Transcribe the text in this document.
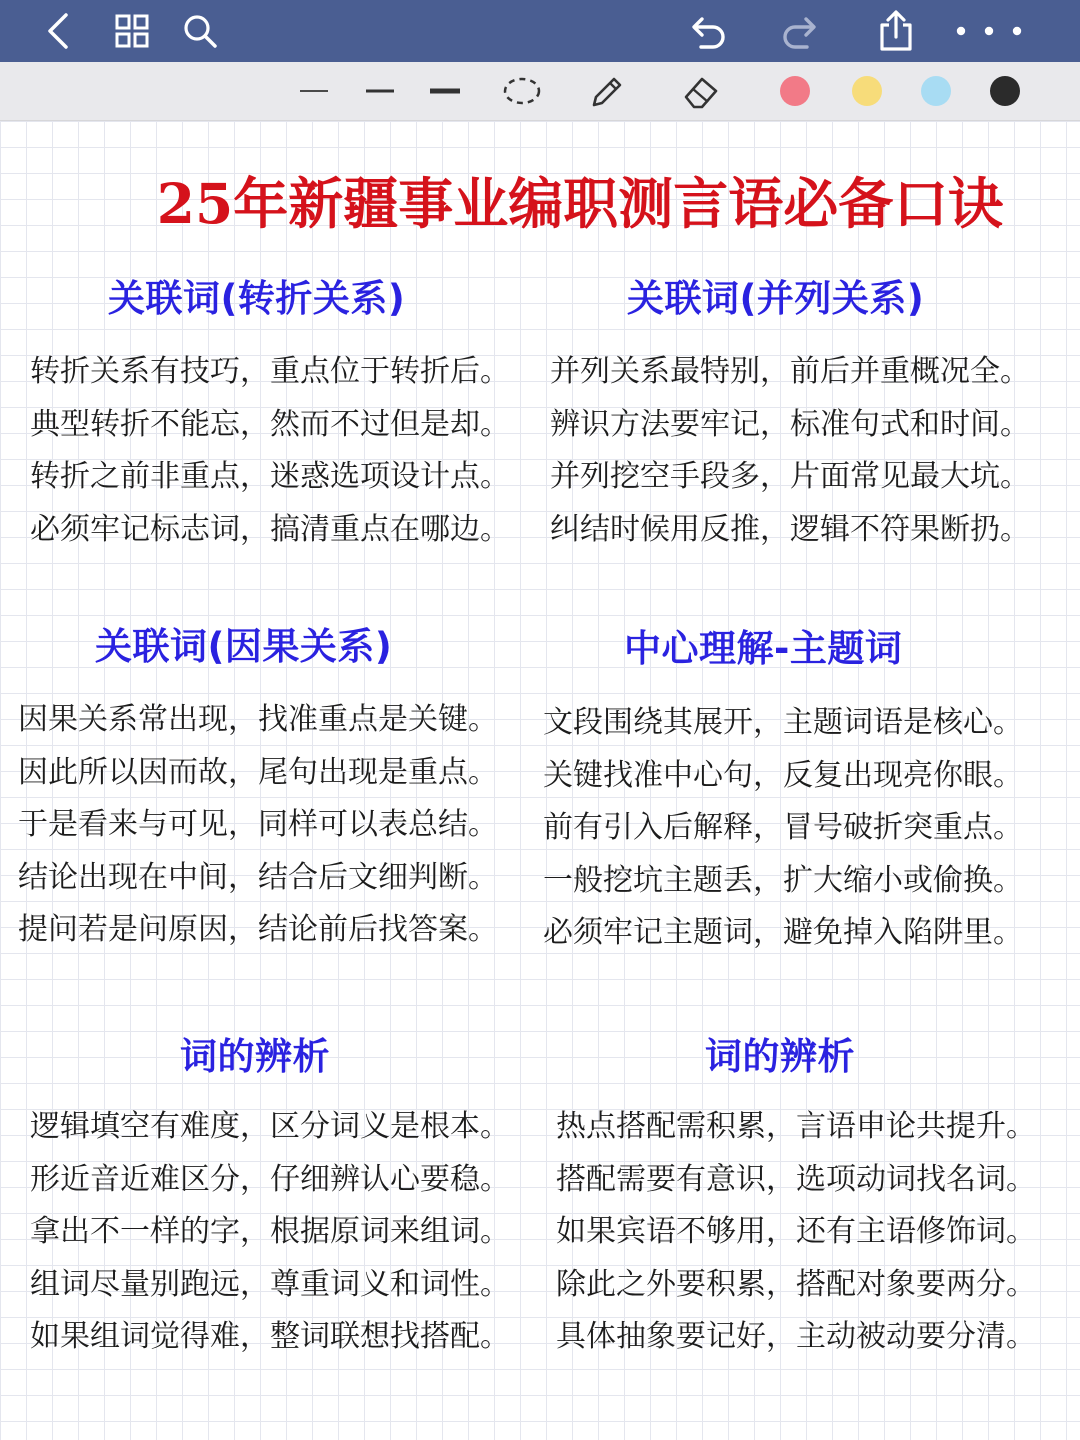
25年新疆事业编职测言语必备口诀
关联词(转折关系)
转折关系有技巧，重点位于转折后。
典型转折不能忘，然而不过但是却。
转折之前非重点，迷惑选项设计点。
必须牢记标志词，搞清重点在哪边。
关联词(并列关系)
并列关系最特别，前后并重概况全。
辨识方法要牢记，标准句式和时间。
并列挖空手段多，片面常见最大坑。
纠结时候用反推，逻辑不符果断扔。
关联词(因果关系)
因果关系常出现，找准重点是关键。
因此所以因而故，尾句出现是重点。
于是看来与可见，同样可以表总结。
结论出现在中间，结合后文细判断。
提问若是问原因，结论前后找答案。
中心理解-主题词
文段围绕其展开，主题词语是核心。
关键找准中心句，反复出现亮你眼。
前有引入后解释，冒号破折突重点。
一般挖坑主题丢，扩大缩小或偷换。
必须牢记主题词，避免掉入陷阱里。
词的辨析
逻辑填空有难度，区分词义是根本。
形近音近难区分，仔细辨认心要稳。
拿出不一样的字，根据原词来组词。
组词尽量别跑远，尊重词义和词性。
如果组词觉得难，整词联想找搭配。
词的辨析
热点搭配需积累，言语申论共提升。
搭配需要有意识，选项动词找名词。
如果宾语不够用，还有主语修饰词。
除此之外要积累，搭配对象要两分。
具体抽象要记好，主动被动要分清。
